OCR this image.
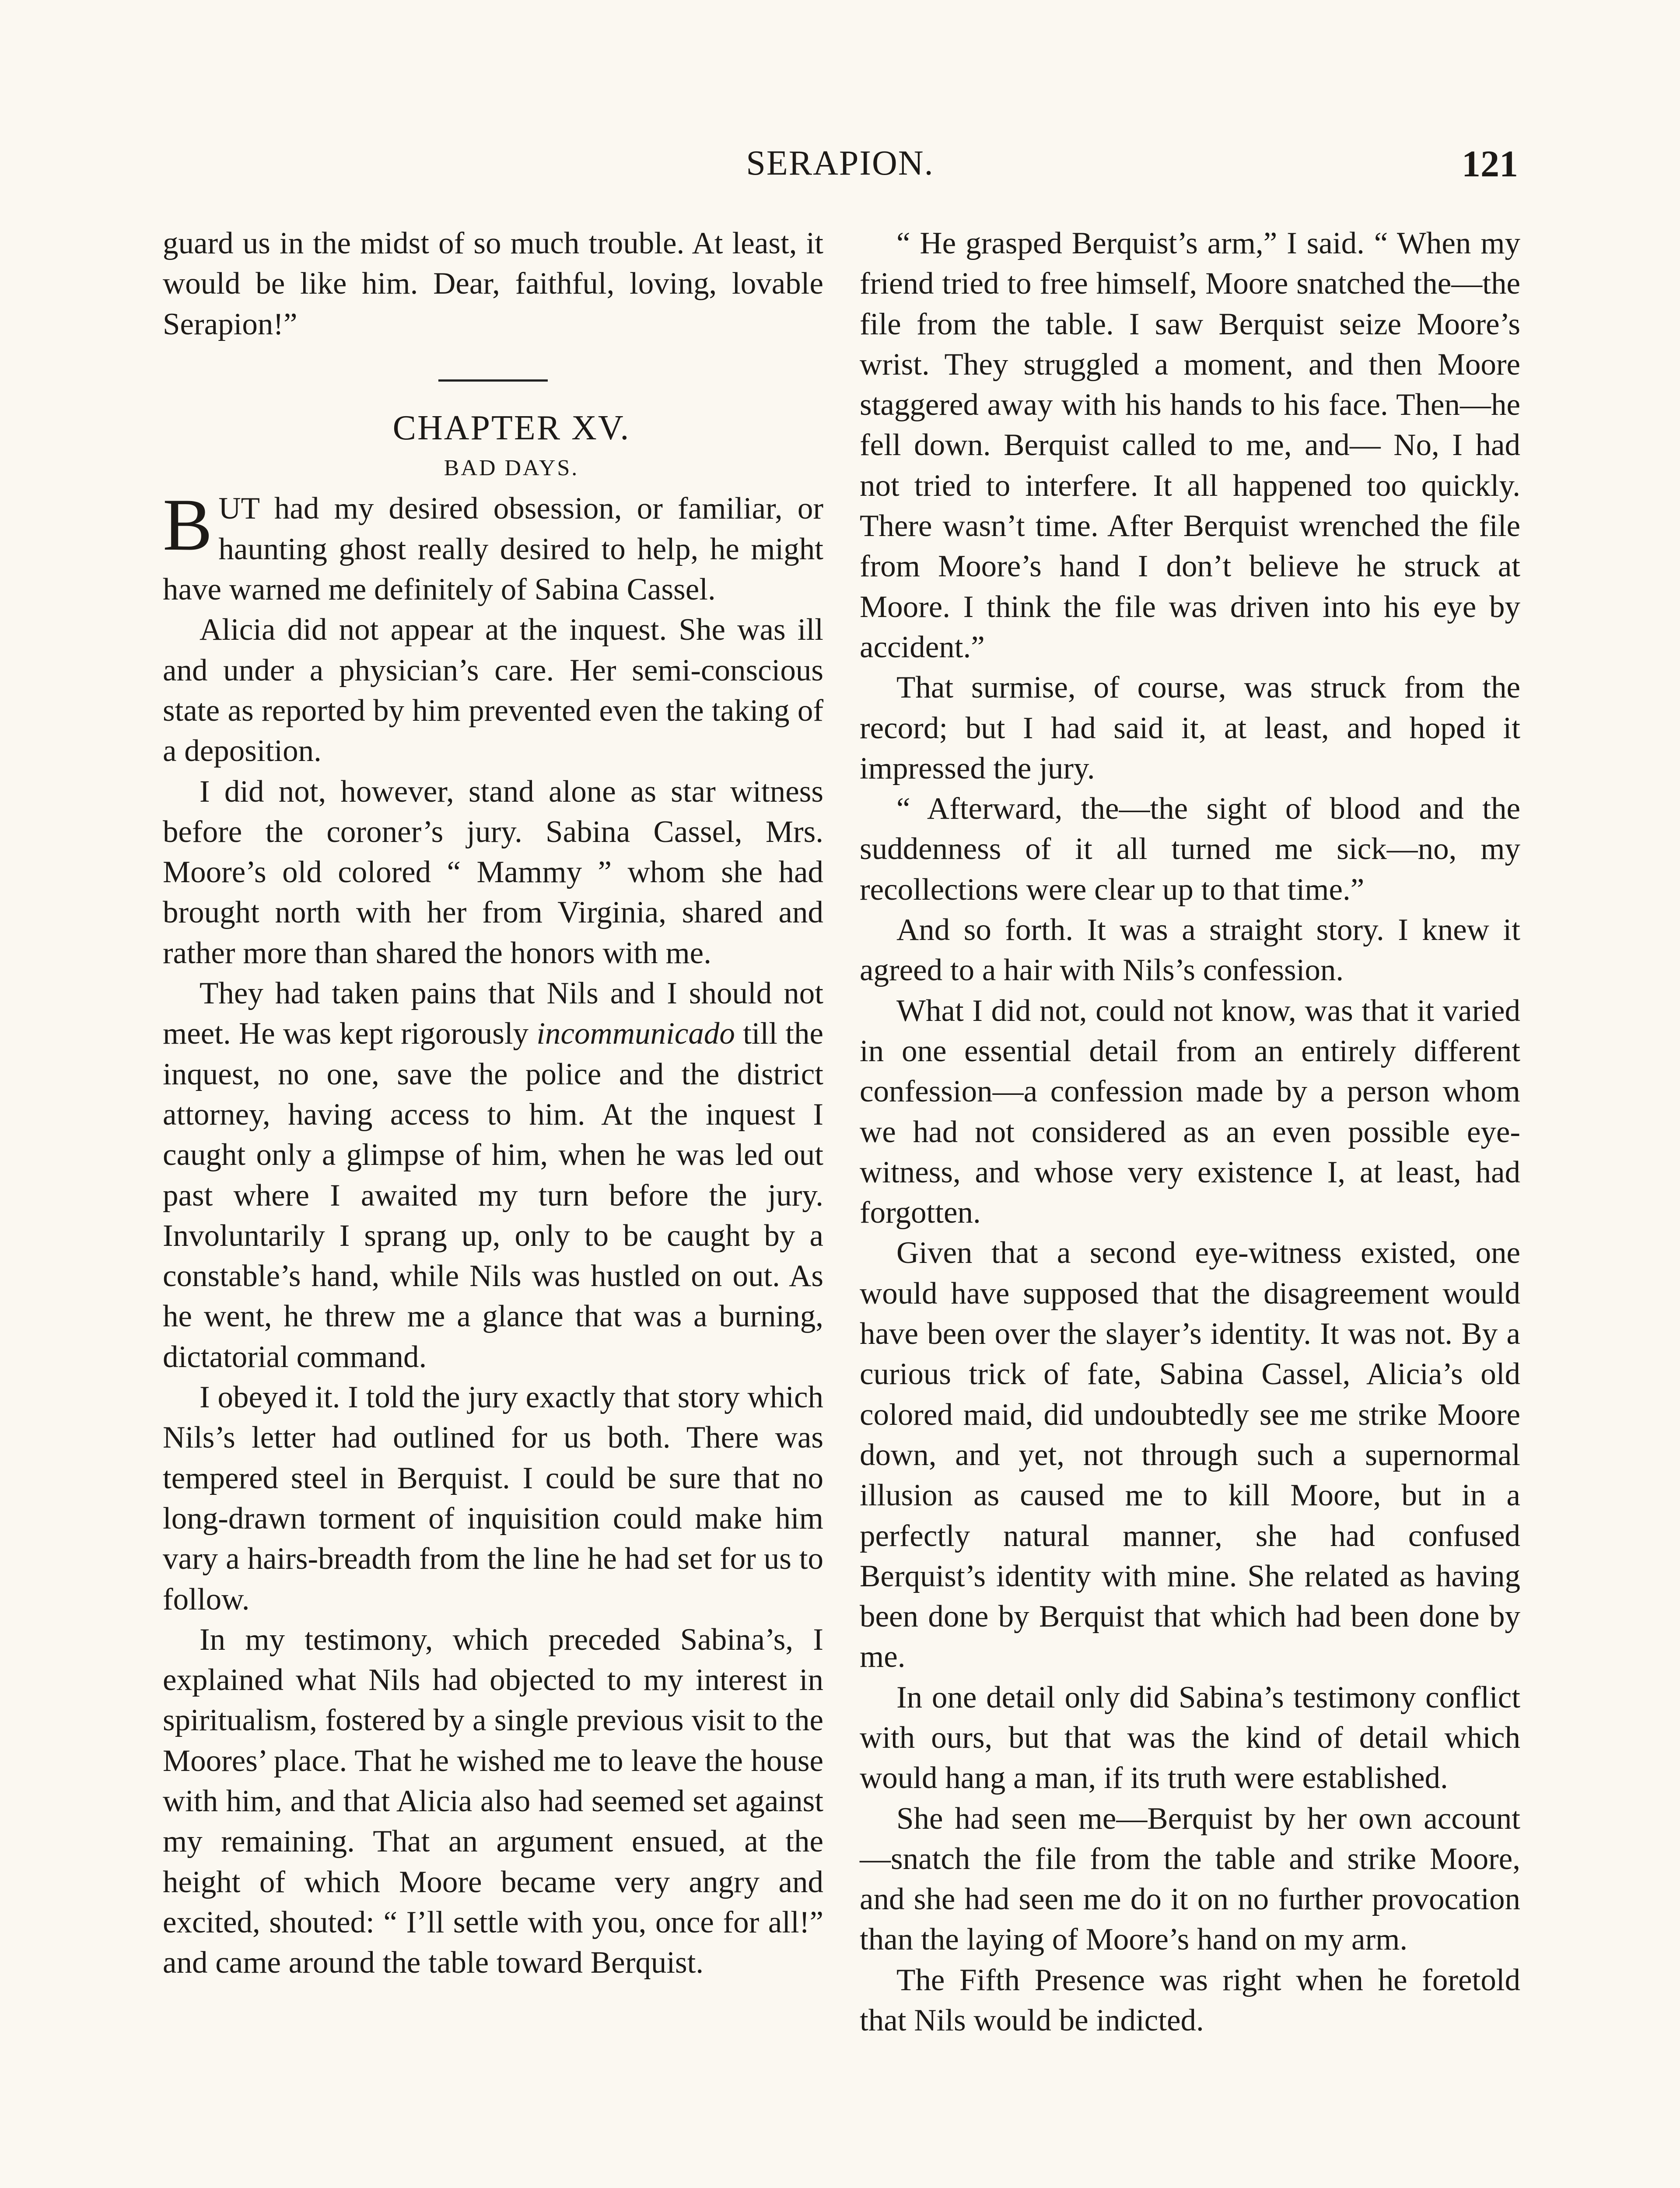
SERAPION.	121

guard us in the midst of so much trouble. At least, it would be like him. Dear, faithful, loving, lovable Serapion!”

CHAPTER XV.

BAD DAYS.

BUT had my desired obsession, or familiar, or haunting ghost really desired to help, he might have warned me definitely of Sabina Cassel.

Alicia did not appear at the inquest. She was ill and under a physician’s care. Her semi-conscious state as reported by him prevented even the taking of a deposition.

I did not, however, stand alone as star witness before the coroner’s jury. Sabina Cassel, Mrs. Moore’s old colored “ Mammy ” whom she had brought north with her from Virginia, shared and rather more than shared the honors with me.

They had taken pains that Nils and I should not meet. He was kept rigorously incommunicado till the inquest, no one, save the police and the district attorney, having access to him. At the inquest I caught only a glimpse of him, when he was led out past where I awaited my turn before the jury. Involuntarily I sprang up, only to be caught by a constable’s hand, while Nils was hustled on out. As he went, he threw me a glance that was a burning, dictatorial command.

I obeyed it. I told the jury exactly that story which Nils’s letter had outlined for us both. There was tempered steel in Berquist. I could be sure that no long-drawn torment of inquisition could make him vary a hairs-breadth from the line he had set for us to follow.

In my testimony, which preceded Sabina’s, I explained what Nils had objected to my interest in spiritualism, fostered by a single previous visit to the Moores’ place. That he wished me to leave the house with him, and that Alicia also had seemed set against my remaining. That an argument ensued, at the height of which Moore became very angry and excited, shouted: “ I’ll settle with you, once for all!” and came around the table toward Berquist.

“ He grasped Berquist’s arm,” I said. “ When my friend tried to free himself, Moore snatched the—the file from the table. I saw Berquist seize Moore’s wrist. They struggled a moment, and then Moore staggered away with his hands to his face. Then—he fell down. Berquist called to me, and— No, I had not tried to interfere. It all happened too quickly. There wasn’t time. After Berquist wrenched the file from Moore’s hand I don’t believe he struck at Moore. I think the file was driven into his eye by accident.”

That surmise, of course, was struck from the record; but I had said it, at least, and hoped it impressed the jury.

“ Afterward, the—the sight of blood and the suddenness of it all turned me sick—no, my recollections were clear up to that time.”

And so forth. It was a straight story. I knew it agreed to a hair with Nils’s confession.

What I did not, could not know, was that it varied in one essential detail from an entirely different confession—a confession made by a person whom we had not considered as an even possible eye-witness, and whose very existence I, at least, had forgotten.

Given that a second eye-witness existed, one would have supposed that the disagreement would have been over the slayer’s identity. It was not. By a curious trick of fate, Sabina Cassel, Alicia’s old colored maid, did undoubtedly see me strike Moore down, and yet, not through such a supernormal illusion as caused me to kill Moore, but in a perfectly natural manner, she had confused Berquist’s identity with mine. She related as having been done by Berquist that which had been done by me.

In one detail only did Sabina’s testimony conflict with ours, but that was the kind of detail which would hang a man, if its truth were established.

She had seen me—Berquist by her own account—snatch the file from the table and strike Moore, and she had seen me do it on no further provocation than the laying of Moore’s hand on my arm.

The Fifth Presence was right when he foretold that Nils would be indicted.
